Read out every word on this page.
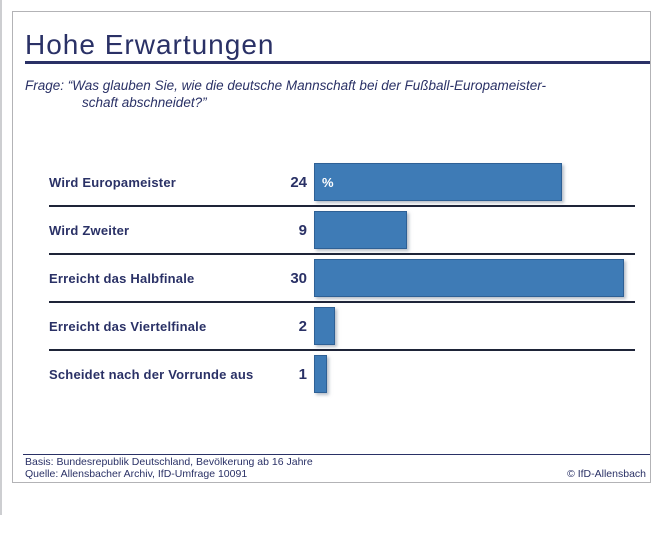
Hohe Erwartungen
Frage: “Was glauben Sie, wie die deutsche Mannschaft bei der Fußball-Europameister-
schaft abschneidet?”
Wird Europameister	24	%
Wird Zweiter	9
Erreicht das Halbfinale	30
Erreicht das Viertelfinale	2
Scheidet nach der Vorrunde aus	1
Basis: Bundesrepublik Deutschland, Bevölkerung ab 16 Jahre
Quelle: Allensbacher Archiv, IfD-Umfrage 10091	© IfD-Allensbach
